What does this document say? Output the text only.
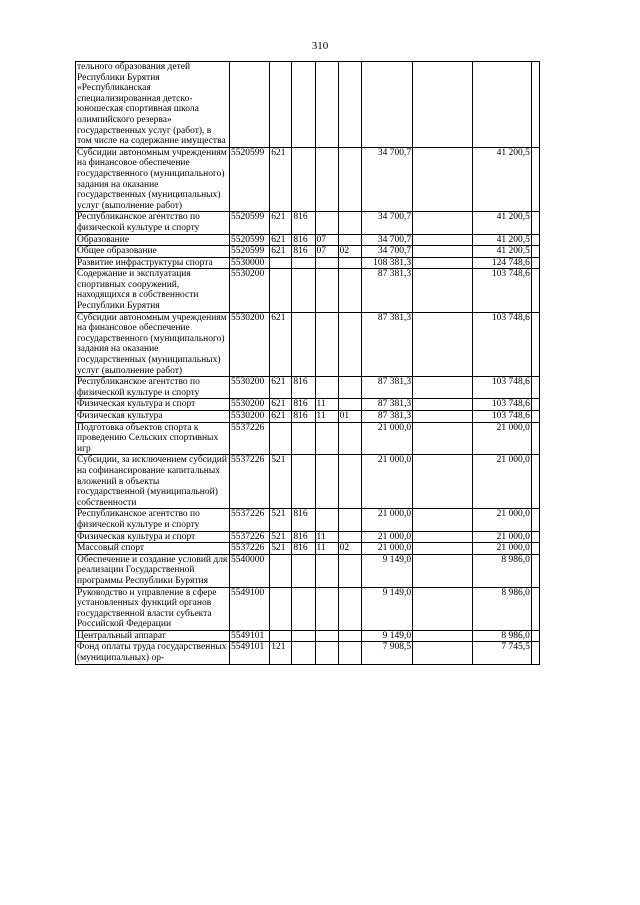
310
тельного образования детей Республики Бурятия «Республиканская специализированная детско-юношеская спортивная школа олимпийского резерва» государственных услуг (работ), в том числе на содержание имущества									
Субсидии автономным учреждениям на финансовое обеспечение государственного (муниципального) задания на оказание государственных (муниципальных) услуг (выполнение работ)	5520599	621				34 700,7		41 200,5	
Республиканское агентство по физической культуре и спорту	5520599	621	816			34 700,7		41 200,5	
Образование	5520599	621	816	07		34 700,7		41 200,5	
Общее образование	5520599	621	816	07	02	34 700,7		41 200,5	
Развитие инфраструктуры спорта	5530000					108 381,3		124 748,6	
Содержание и эксплуатация спортивных сооружений, находящихся в собственности Республики Бурятия	5530200					87 381,3		103 748,6	
Субсидии автономным учреждениям на финансовое обеспечение государственного (муниципального) задания на оказание государственных (муниципальных) услуг (выполнение работ)	5530200	621				87 381,3		103 748,6	
Республиканское агентство по физической культуре и спорту	5530200	621	816			87 381,3		103 748,6	
Физическая культура и спорт	5530200	621	816	11		87 381,3		103 748,6	
Физическая культура	5530200	621	816	11	01	87 381,3		103 748,6	
Подготовка объектов спорта к проведению Сельских спортивных игр	5537226					21 000,0		21 000,0	
Субсидии, за исключением субсидий на софинансирование капитальных вложений в объекты государственной (муниципальной) собственности	5537226	521				21 000,0		21 000,0	
Республиканское агентство по физической культуре и спорту	5537226	521	816			21 000,0		21 000,0	
Физическая культура и спорт	5537226	521	816	11		21 000,0		21 000,0	
Массовый спорт	5537226	521	816	11	02	21 000,0		21 000,0	
Обеспечение и создание условий для реализации Государственной программы Республики Бурятия	5540000					9 149,0		8 986,0	
Руководство и управление в сфере установленных функций органов государственной власти субъекта Российской Федерации	5549100					9 149,0		8 986,0	
Центральный аппарат	5549101					9 149,0		8 986,0	
Фонд оплаты труда государственных (муниципальных) ор-	5549101	121				7 908,5		7 745,5	
